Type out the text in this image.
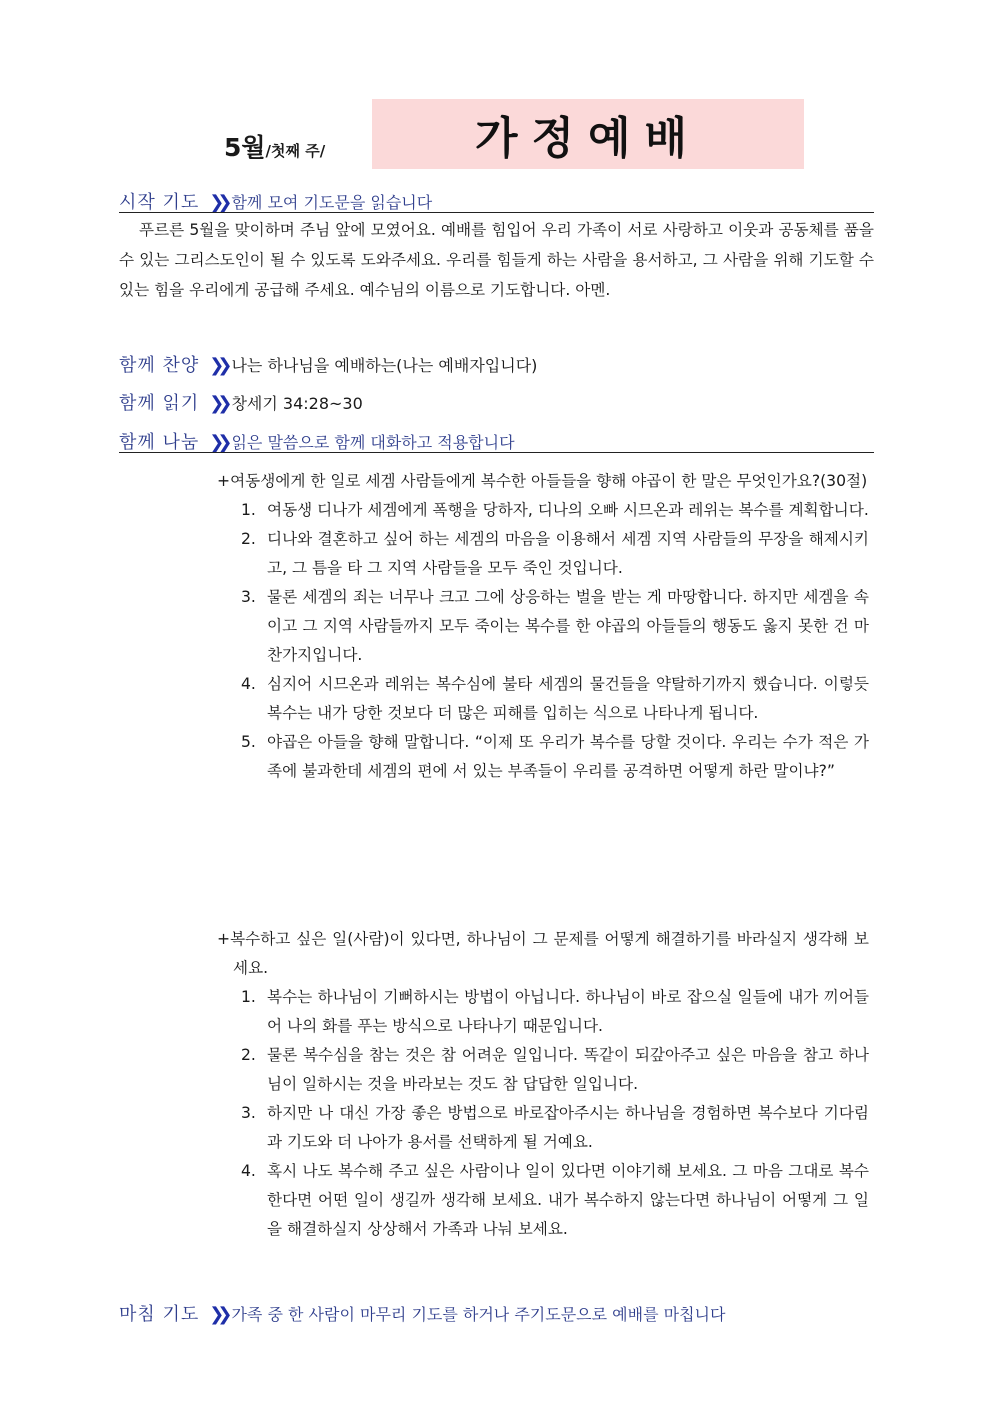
5월/첫째 주/	가정예배
시작 기도 ❯❯ 함께 모여 기도문을 읽습니다
푸르른 5월을 맞이하며 주님 앞에 모였어요. 예배를 힘입어 우리 가족이 서로 사랑하고 이웃과 공동체를 품을 수 있는 그리스도인이 될 수 있도록 도와주세요. 우리를 힘들게 하는 사람을 용서하고, 그 사람을 위해 기도할 수 있는 힘을 우리에게 공급해 주세요. 예수님의 이름으로 기도합니다. 아멘.
함께 찬양 ❯❯ 나는 하나님을 예배하는(나는 예배자입니다)
함께 읽기 ❯❯ 창세기 34:28~30
함께 나눔 ❯❯ 읽은 말씀으로 함께 대화하고 적용합니다
+여동생에게 한 일로 세겜 사람들에게 복수한 아들들을 향해 야곱이 한 말은 무엇인가요?(30절)
1. 여동생 디나가 세겜에게 폭행을 당하자, 디나의 오빠 시므온과 레위는 복수를 계획합니다.
2. 디나와 결혼하고 싶어 하는 세겜의 마음을 이용해서 세겜 지역 사람들의 무장을 해제시키고, 그 틈을 타 그 지역 사람들을 모두 죽인 것입니다.
3. 물론 세겜의 죄는 너무나 크고 그에 상응하는 벌을 받는 게 마땅합니다. 하지만 세겜을 속이고 그 지역 사람들까지 모두 죽이는 복수를 한 야곱의 아들들의 행동도 옳지 못한 건 마찬가지입니다.
4. 심지어 시므온과 레위는 복수심에 불타 세겜의 물건들을 약탈하기까지 했습니다. 이렇듯 복수는 내가 당한 것보다 더 많은 피해를 입히는 식으로 나타나게 됩니다.
5. 야곱은 아들을 향해 말합니다. “이제 또 우리가 복수를 당할 것이다. 우리는 수가 적은 가족에 불과한데 세겜의 편에 서 있는 부족들이 우리를 공격하면 어떻게 하란 말이냐?”
+복수하고 싶은 일(사람)이 있다면, 하나님이 그 문제를 어떻게 해결하기를 바라실지 생각해 보세요.
1. 복수는 하나님이 기뻐하시는 방법이 아닙니다. 하나님이 바로 잡으실 일들에 내가 끼어들어 나의 화를 푸는 방식으로 나타나기 때문입니다.
2. 물론 복수심을 참는 것은 참 어려운 일입니다. 똑같이 되갚아주고 싶은 마음을 참고 하나님이 일하시는 것을 바라보는 것도 참 답답한 일입니다.
3. 하지만 나 대신 가장 좋은 방법으로 바로잡아주시는 하나님을 경험하면 복수보다 기다림과 기도와 더 나아가 용서를 선택하게 될 거예요.
4. 혹시 나도 복수해 주고 싶은 사람이나 일이 있다면 이야기해 보세요. 그 마음 그대로 복수한다면 어떤 일이 생길까 생각해 보세요. 내가 복수하지 않는다면 하나님이 어떻게 그 일을 해결하실지 상상해서 가족과 나눠 보세요.
마침 기도 ❯❯ 가족 중 한 사람이 마무리 기도를 하거나 주기도문으로 예배를 마칩니다
